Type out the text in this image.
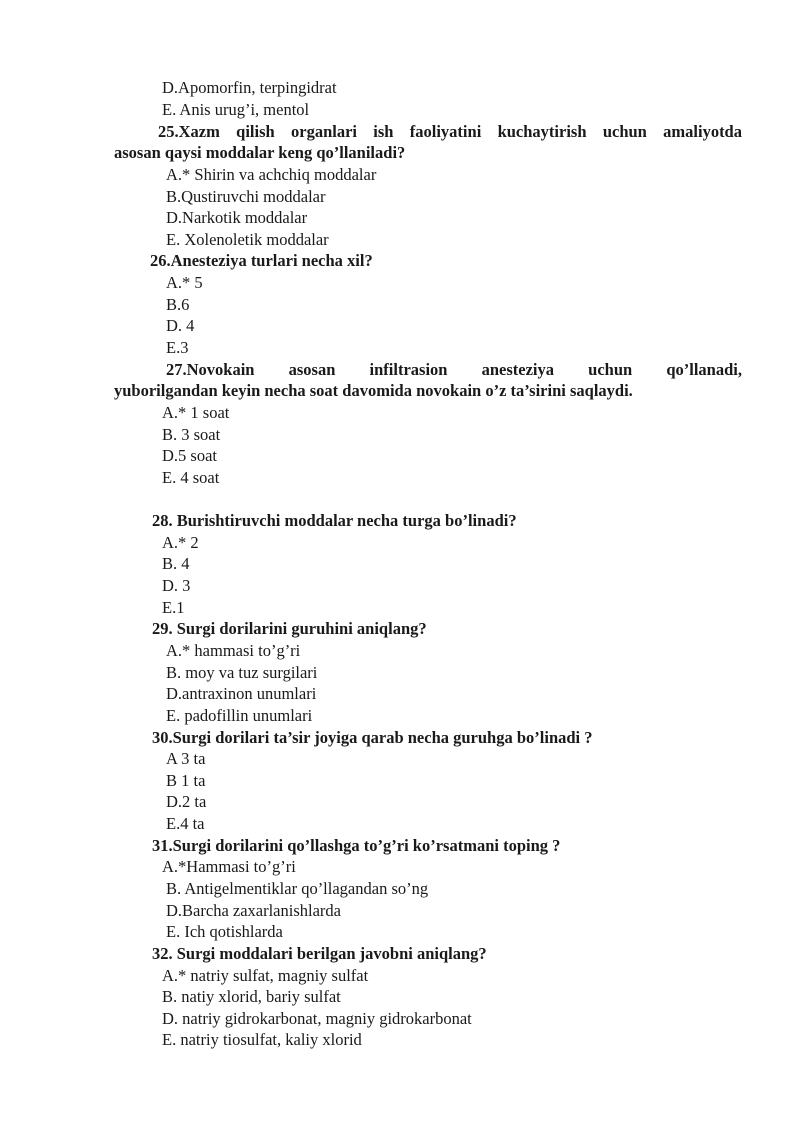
D.Apomorfin, terpingidrat
E. Anis urug’i, mentol
25.Xazm qilish organlari ish faoliyatini kuchaytirish uchun amaliyotda
asosan qaysi moddalar keng qo’llaniladi?
A.* Shirin va achchiq moddalar
B.Qustiruvchi moddalar
D.Narkotik moddalar
E. Xolenoletik moddalar
26.Anesteziya turlari necha xil?
A.* 5
B.6
D. 4
E.3
27.Novokain asosan infiltrasion anesteziya uchun qo’llanadi,
yuborilgandan keyin necha soat davomida novokain o’z ta’sirini saqlaydi.
A.* 1 soat
B. 3 soat
D.5 soat
E. 4 soat
28. Burishtiruvchi moddalar necha turga bo’linadi?
A.* 2
B. 4
D. 3
E.1
29. Surgi dorilarini guruhini aniqlang?
A.* hammasi to’g’ri
B. moy va tuz surgilari
D.antraxinon unumlari
E. padofillin unumlari
30.Surgi dorilari ta’sir joyiga qarab necha guruhga bo’linadi ?
A 3 ta
B 1 ta
D.2 ta
E.4 ta
31.Surgi dorilarini qo’llashga to’g’ri ko’rsatmani toping ?
A.*Hammasi to’g’ri
B. Antigelmentiklar qo’llagandan so’ng
D.Barcha zaxarlanishlarda
E. Ich qotishlarda
32. Surgi moddalari berilgan javobni aniqlang?
A.* natriy sulfat, magniy sulfat
B. natiy xlorid, bariy sulfat
D. natriy gidrokarbonat, magniy gidrokarbonat
E. natriy tiosulfat, kaliy xlorid
